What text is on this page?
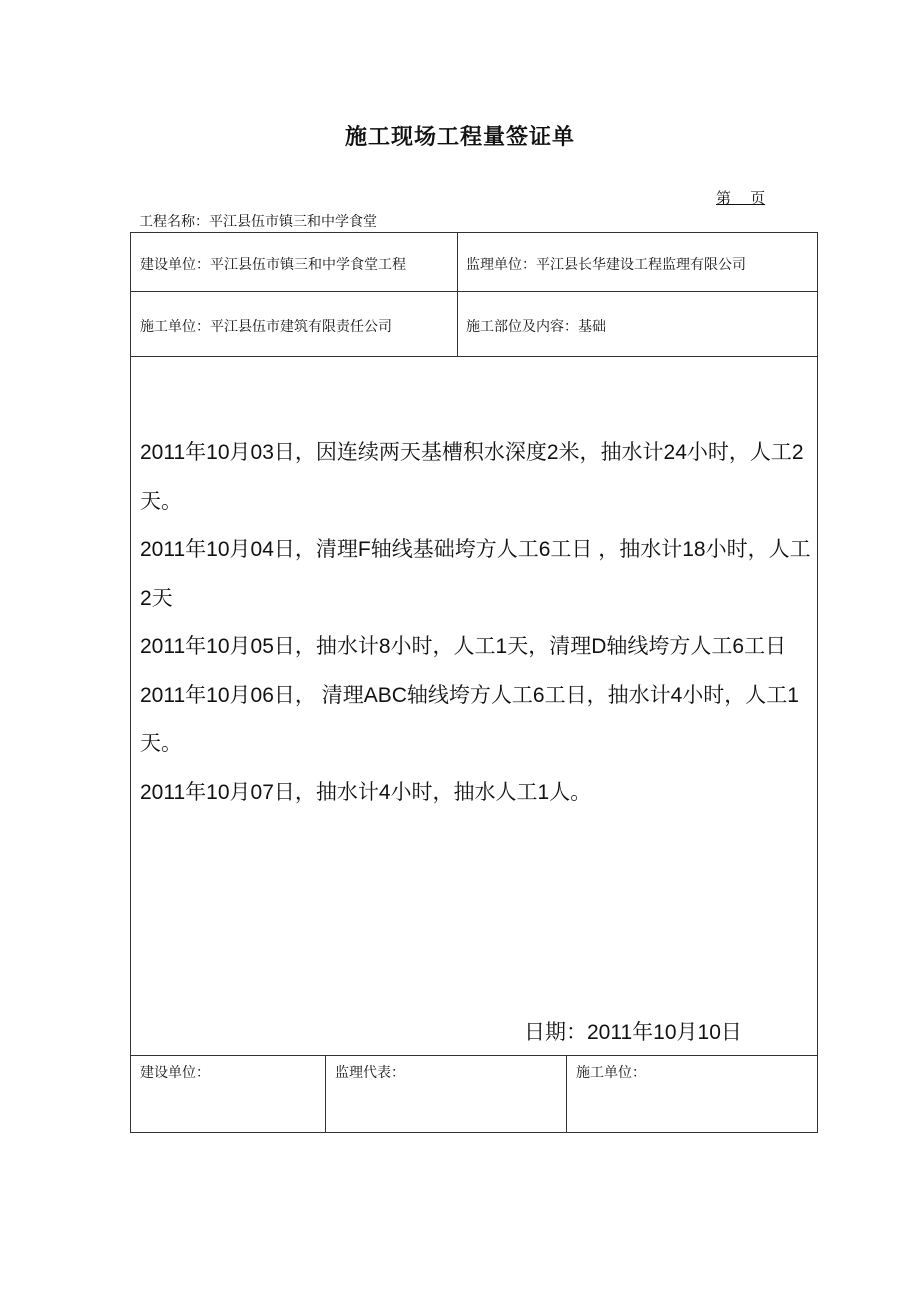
施工现场工程量签证单
第    页
工程名称：平江县伍市镇三和中学食堂
建设单位：平江县伍市镇三和中学食堂工程	监理单位：平江县长华建设工程监理有限公司
施工单位：平江县伍市建筑有限责任公司	施工部位及内容：基础

2011年10月03日，因连续两天基槽积水深度2米，抽水计24小时，人工2天。

2011年10月04日，清理F轴线基础垮方人工6工日 ，抽水计18小时，人工2天

2011年10月05日，抽水计8小时，人工1天，清理D轴线垮方人工6工日

2011年10月06日， 清理ABC轴线垮方人工6工日，抽水计4小时，人工1天。

2011年10月07日，抽水计4小时，抽水人工1人。

日期：2011年10月10日
建设单位：	监理代表：	施工单位：
